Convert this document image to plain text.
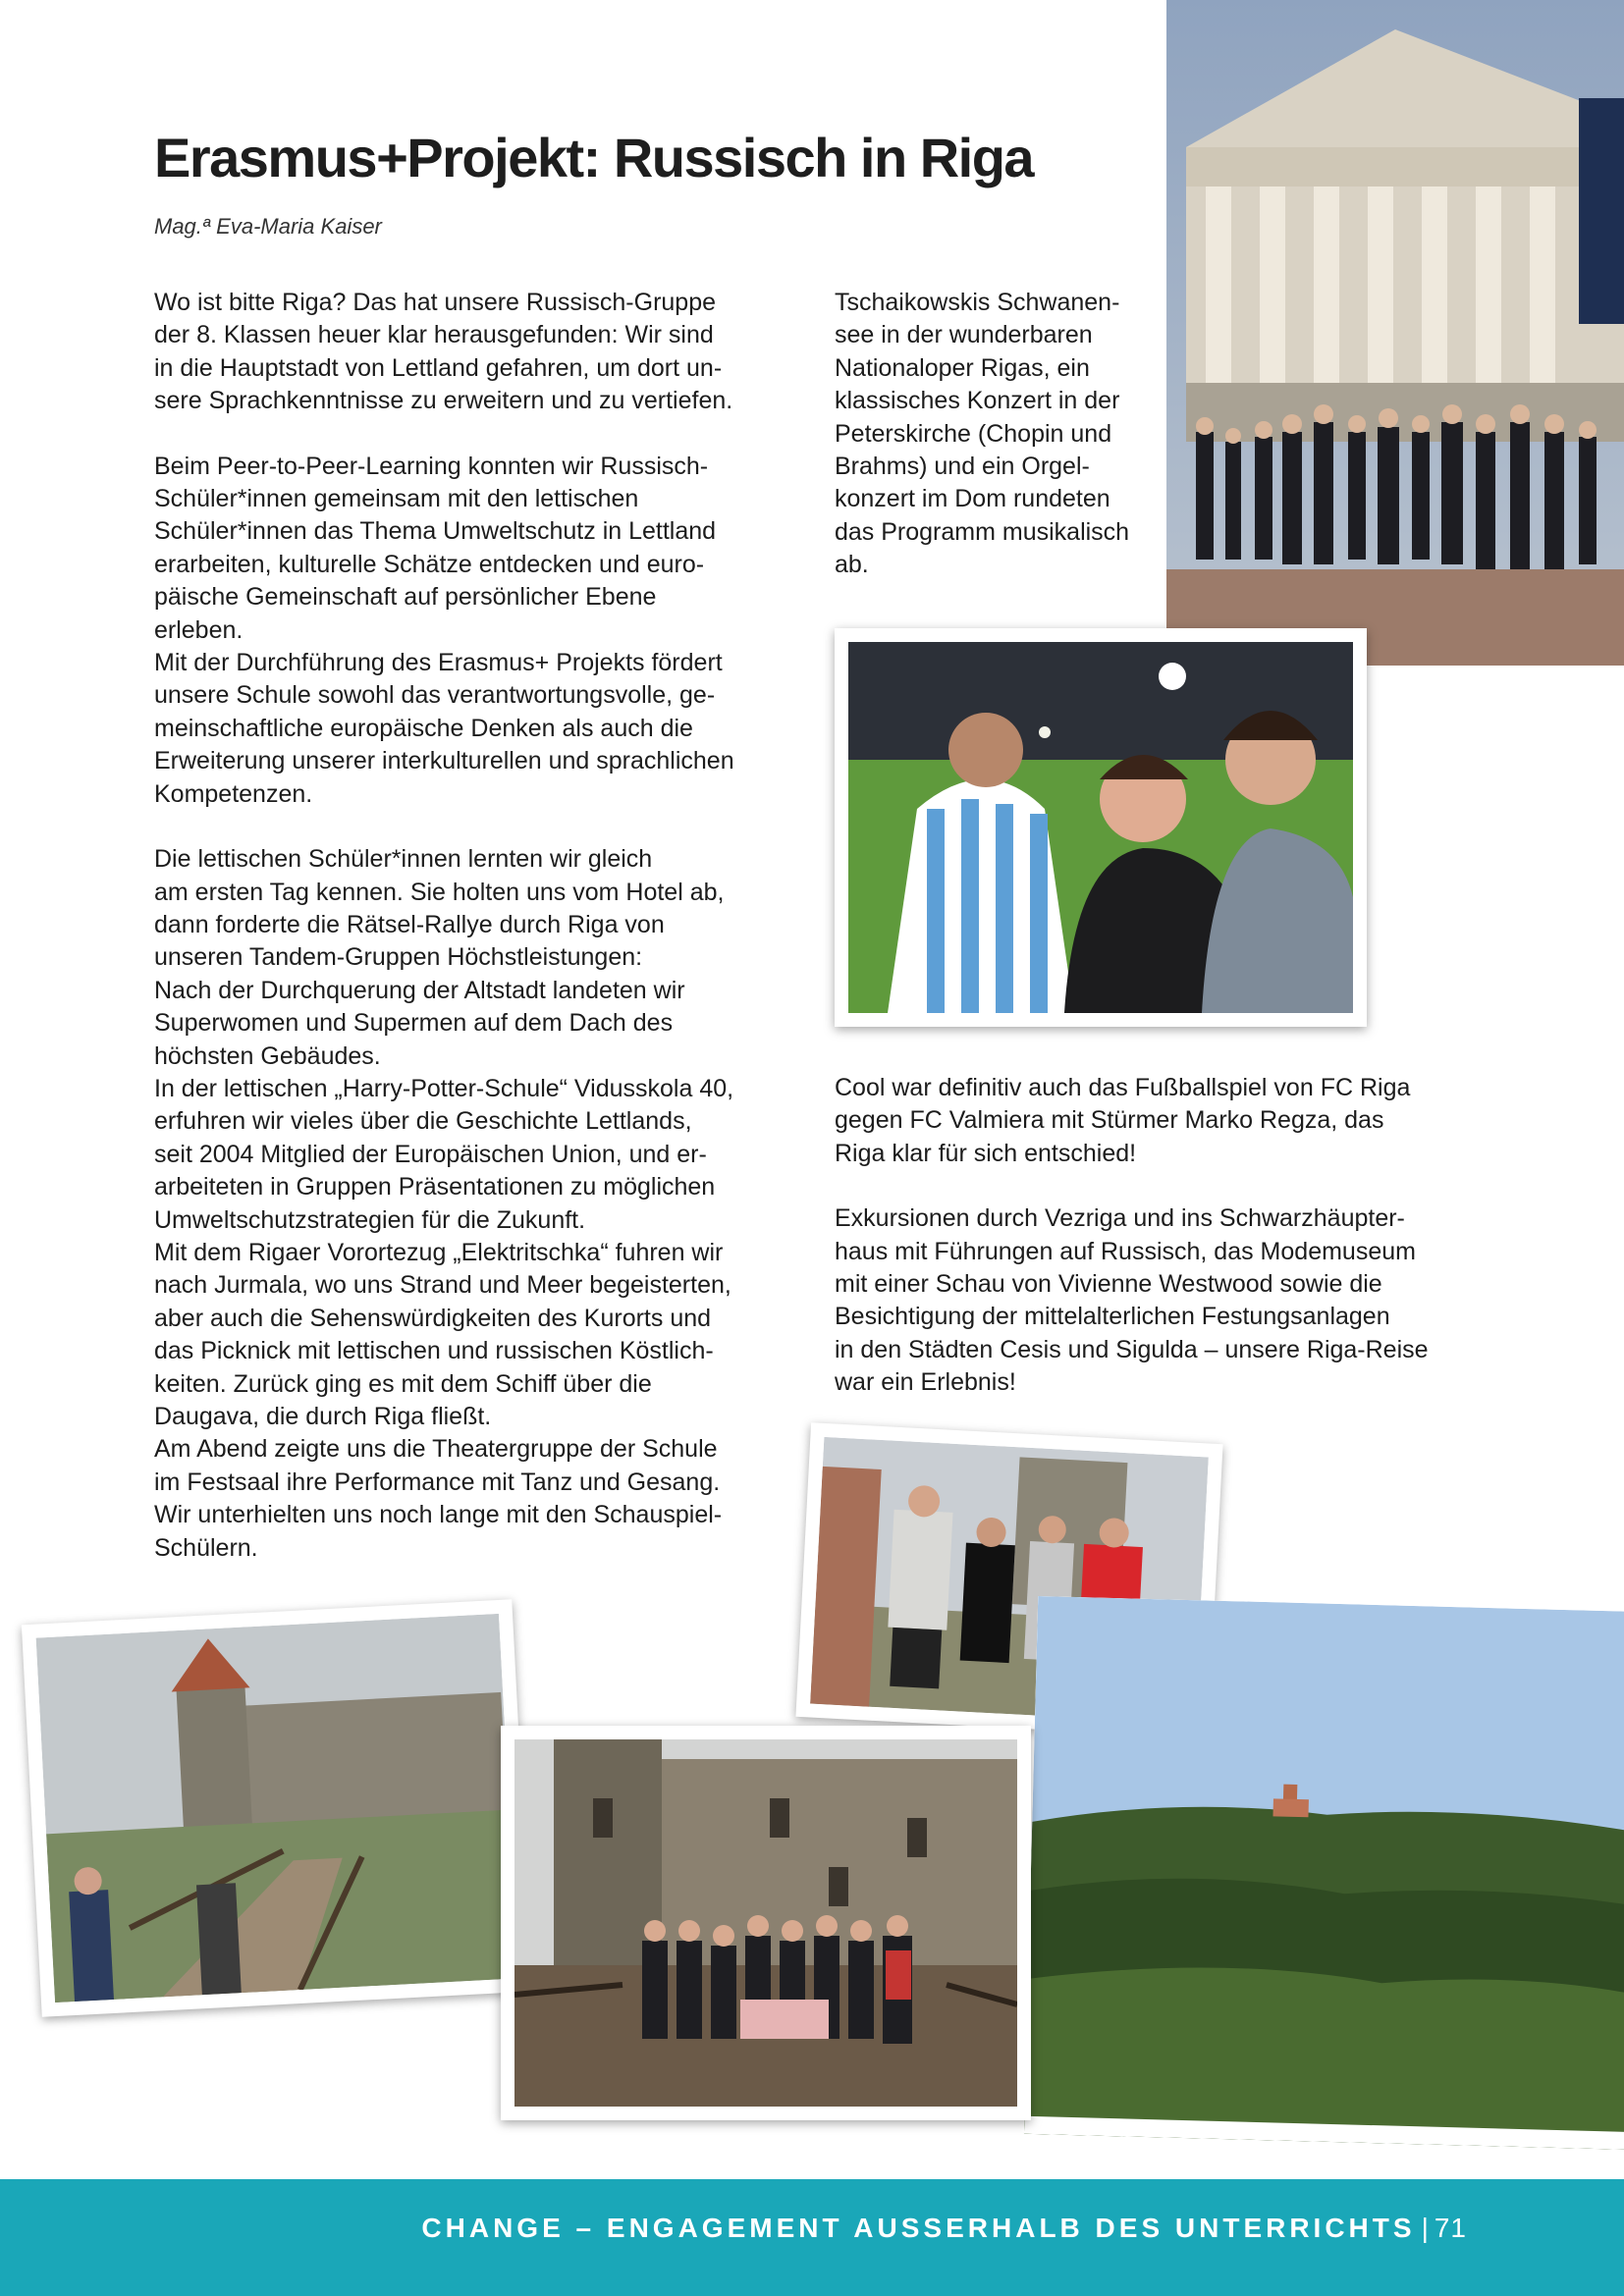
Erasmus+Projekt: Russisch in Riga
Mag.ª Eva-Maria Kaiser

Wo ist bitte Riga? Das hat unsere Russisch-Gruppe
der 8. Klassen heuer klar herausgefunden: Wir sind
in die Hauptstadt von Lettland gefahren, um dort un-
sere Sprachkenntnisse zu erweitern und zu vertiefen.

Beim Peer-to-Peer-Learning konnten wir Russisch-
Schüler*innen gemeinsam mit den lettischen
Schüler*innen das Thema Umweltschutz in Lettland
erarbeiten, kulturelle Schätze entdecken und euro-
päische Gemeinschaft auf persönlicher Ebene
erleben.

Mit der Durchführung des Erasmus+ Projekts fördert
unsere Schule sowohl das verantwortungsvolle, ge-
meinschaftliche europäische Denken als auch die
Erweiterung unserer interkulturellen und sprachlichen
Kompetenzen.

Die lettischen Schüler*innen lernten wir gleich
am ersten Tag kennen. Sie holten uns vom Hotel ab,
dann forderte die Rätsel-Rallye durch Riga von
unseren Tandem-Gruppen Höchstleistungen:
Nach der Durchquerung der Altstadt landeten wir
Superwomen und Supermen auf dem Dach des
höchsten Gebäudes.

In der lettischen „Harry-Potter-Schule“ Vidusskola 40,
erfuhren wir vieles über die Geschichte Lettlands,
seit 2004 Mitglied der Europäischen Union, und er-
arbeiteten in Gruppen Präsentationen zu möglichen
Umweltschutzstrategien für die Zukunft.

Mit dem Rigaer Vorortezug „Elektritschka“ fuhren wir
nach Jurmala, wo uns Strand und Meer begeisterten,
aber auch die Sehenswürdigkeiten des Kurorts und
das Picknick mit lettischen und russischen Köstlich-
keiten. Zurück ging es mit dem Schiff über die
Daugava, die durch Riga fließt.

Am Abend zeigte uns die Theatergruppe der Schule
im Festsaal ihre Performance mit Tanz und Gesang.
Wir unterhielten uns noch lange mit den Schauspiel-
Schülern.

Tschaikowskis Schwanen-
see in der wunderbaren
Nationaloper Rigas, ein
klassisches Konzert in der
Peterskirche (Chopin und
Brahms) und ein Orgel-
konzert im Dom rundeten
das Programm musikalisch
ab.

Cool war definitiv auch das Fußballspiel von FC Riga
gegen FC Valmiera mit Stürmer Marko Regza, das
Riga klar für sich entschied!

Exkursionen durch Vezriga und ins Schwarzhäupter-
haus mit Führungen auf Russisch, das Modemuseum
mit einer Schau von Vivienne Westwood sowie die
Besichtigung der mittelalterlichen Festungsanlagen
in den Städten Cesis und Sigulda – unsere Riga-Reise
war ein Erlebnis!

CHANGE – ENGAGEMENT AUSSERHALB DES UNTERRICHTS | 71
